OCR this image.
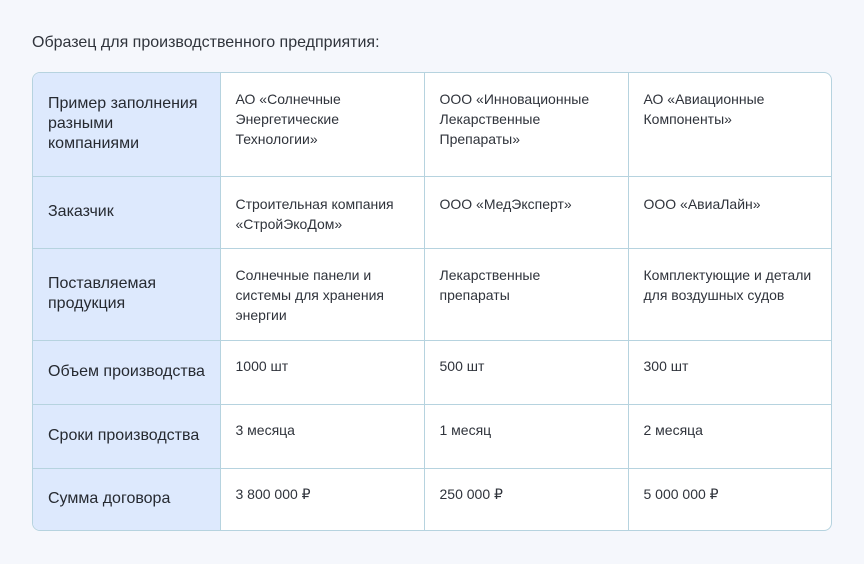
Образец для производственного предприятия:
Пример заполнения разными компаниями	АО «Солнечные Энергетические Технологии»	ООО «Инновационные Лекарственные Препараты»	АО «Авиационные Компоненты»
Заказчик	Строительная компания «СтройЭкоДом»	ООО «МедЭксперт»	ООО «АвиаЛайн»
Поставляемая продукция	Солнечные панели и системы для хранения энергии	Лекарственные препараты	Комплектующие и детали для воздушных судов
Объем производства	1000 шт	500 шт	300 шт
Сроки производства	3 месяца	1 месяц	2 месяца
Сумма договора	3 800 000 ₽	250 000 ₽	5 000 000 ₽
